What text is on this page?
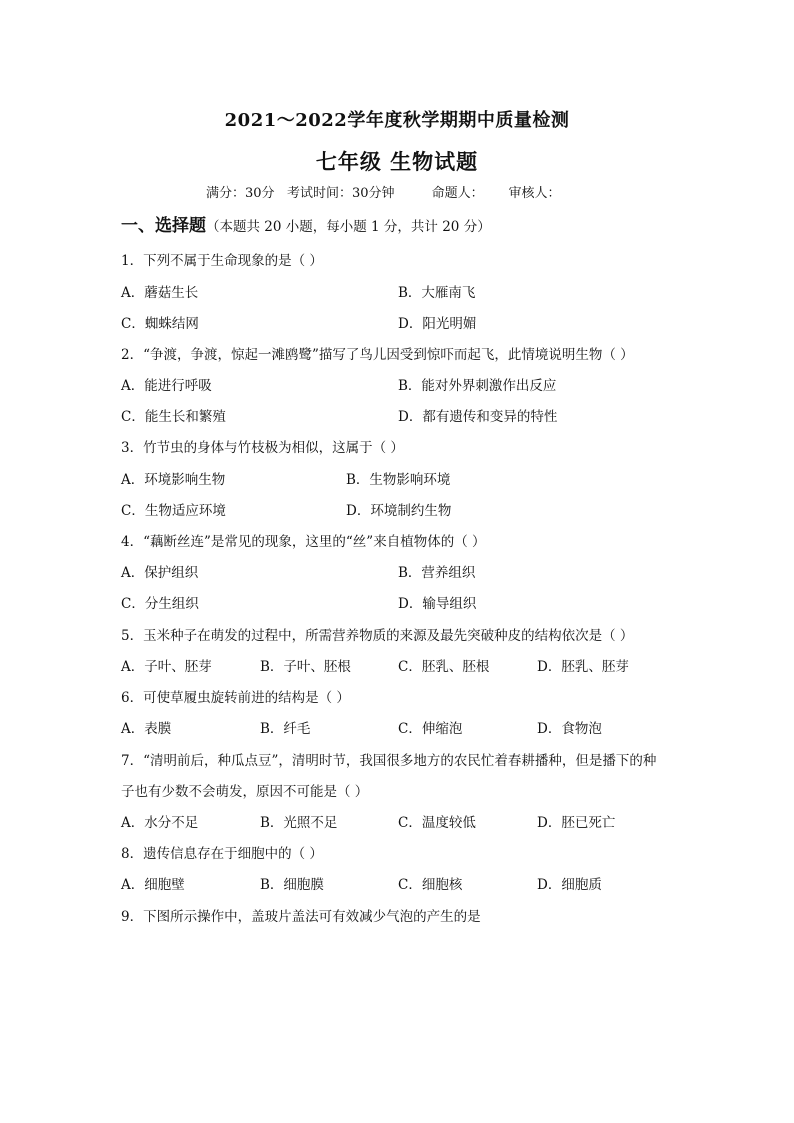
2021～2022学年度秋学期期中质量检测
七年级 生物试题
满分：30分   考试时间：30分钟         命题人：      审核人：
一、选择题（本题共 20 小题，每小题 1 分，共计 20 分）
1．下列不属于生命现象的是（ ）
A．蘑菇生长	B．大雁南飞
C．蜘蛛结网	D．阳光明媚
2．“争渡，争渡，惊起一滩鸥鹭”描写了鸟儿因受到惊吓而起飞，此情境说明生物（ ）
A．能进行呼吸	B．能对外界刺激作出反应
C．能生长和繁殖	D．都有遗传和变异的特性
3．竹节虫的身体与竹枝极为相似，这属于（ ）
A．环境影响生物	B．生物影响环境
C．生物适应环境	D．环境制约生物
4．“藕断丝连”是常见的现象，这里的“丝”来自植物体的（ ）
A．保护组织	B．营养组织
C．分生组织	D．输导组织
5．玉米种子在萌发的过程中，所需营养物质的来源及最先突破种皮的结构依次是（ ）
A．子叶、胚芽	B．子叶、胚根	C．胚乳、胚根	D．胚乳、胚芽
6．可使草履虫旋转前进的结构是（ ）
A．表膜	B．纤毛	C．伸缩泡	D．食物泡
7．“清明前后，种瓜点豆”，清明时节，我国很多地方的农民忙着春耕播种，但是播下的种
子也有少数不会萌发，原因不可能是（ ）
A．水分不足	B．光照不足	C．温度较低	D．胚已死亡
8．遗传信息存在于细胞中的（ ）
A．细胞壁	B．细胞膜	C．细胞核	D．细胞质
9．下图所示操作中，盖玻片盖法可有效减少气泡的产生的是
